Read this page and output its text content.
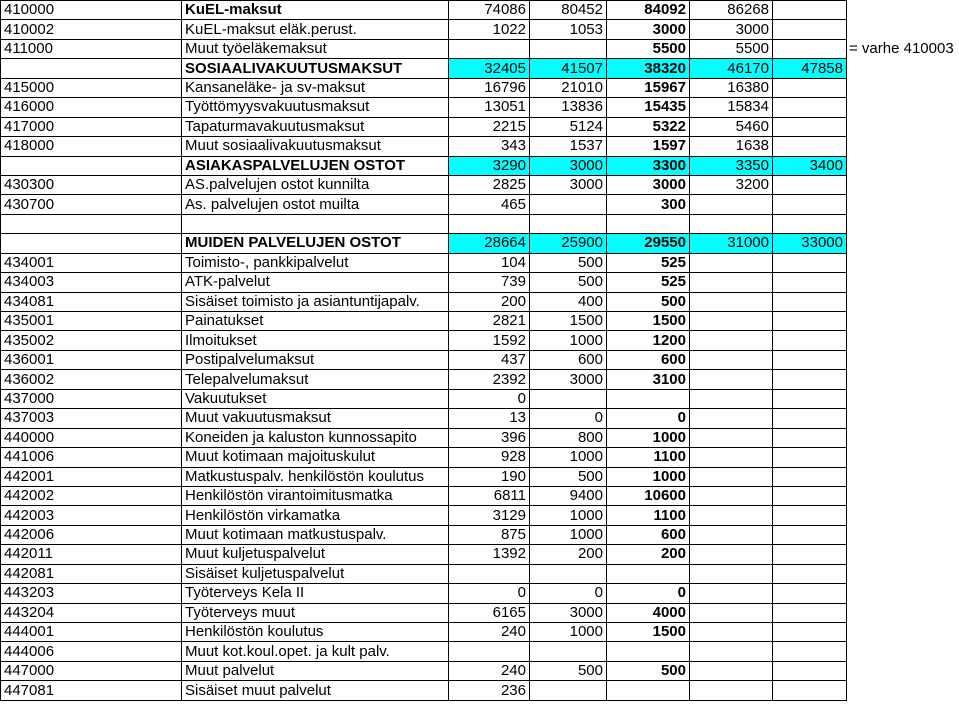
410000	KuEL-maksut	74086	80452	84092	86268		
410002	KuEL-maksut eläk.perust.	1022	1053	3000	3000		
411000	Muut työeläkemaksut			5500	5500		= varhe 410003
	SOSIAALIVAKUUTUSMAKSUT	32405	41507	38320	46170	47858	
415000	Kansaneläke- ja sv-maksut	16796	21010	15967	16380		
416000	Työttömyysvakuutusmaksut	13051	13836	15435	15834		
417000	Tapaturmavakuutusmaksut	2215	5124	5322	5460		
418000	Muut sosiaalivakuutusmaksut	343	1537	1597	1638		
	ASIAKASPALVELUJEN OSTOT	3290	3000	3300	3350	3400	
430300	AS.palvelujen ostot kunnilta	2825	3000	3000	3200		
430700	As. palvelujen ostot muilta	465		300			

	MUIDEN PALVELUJEN OSTOT	28664	25900	29550	31000	33000	
434001	Toimisto-, pankkipalvelut	104	500	525			
434003	ATK-palvelut	739	500	525			
434081	Sisäiset toimisto ja asiantuntijapalv.	200	400	500			
435001	Painatukset	2821	1500	1500			
435002	Ilmoitukset	1592	1000	1200			
436001	Postipalvelumaksut	437	600	600			
436002	Telepalvelumaksut	2392	3000	3100			
437000	Vakuutukset	0					
437003	Muut vakuutusmaksut	13	0	0			
440000	Koneiden ja kaluston kunnossapito	396	800	1000			
441006	Muut kotimaan majoituskulut	928	1000	1100			
442001	Matkustuspalv. henkilöstön koulutus	190	500	1000			
442002	Henkilöstön virantoimitusmatka	6811	9400	10600			
442003	Henkilöstön virkamatka	3129	1000	1100			
442006	Muut kotimaan matkustuspalv.	875	1000	600			
442011	Muut kuljetuspalvelut	1392	200	200			
442081	Sisäiset kuljetuspalvelut						
443203	Työterveys Kela II	0	0	0			
443204	Työterveys muut	6165	3000	4000			
444001	Henkilöstön koulutus	240	1000	1500			
444006	Muut kot.koul.opet. ja kult palv.						
447000	Muut palvelut	240	500	500			
447081	Sisäiset muut palvelut	236					
